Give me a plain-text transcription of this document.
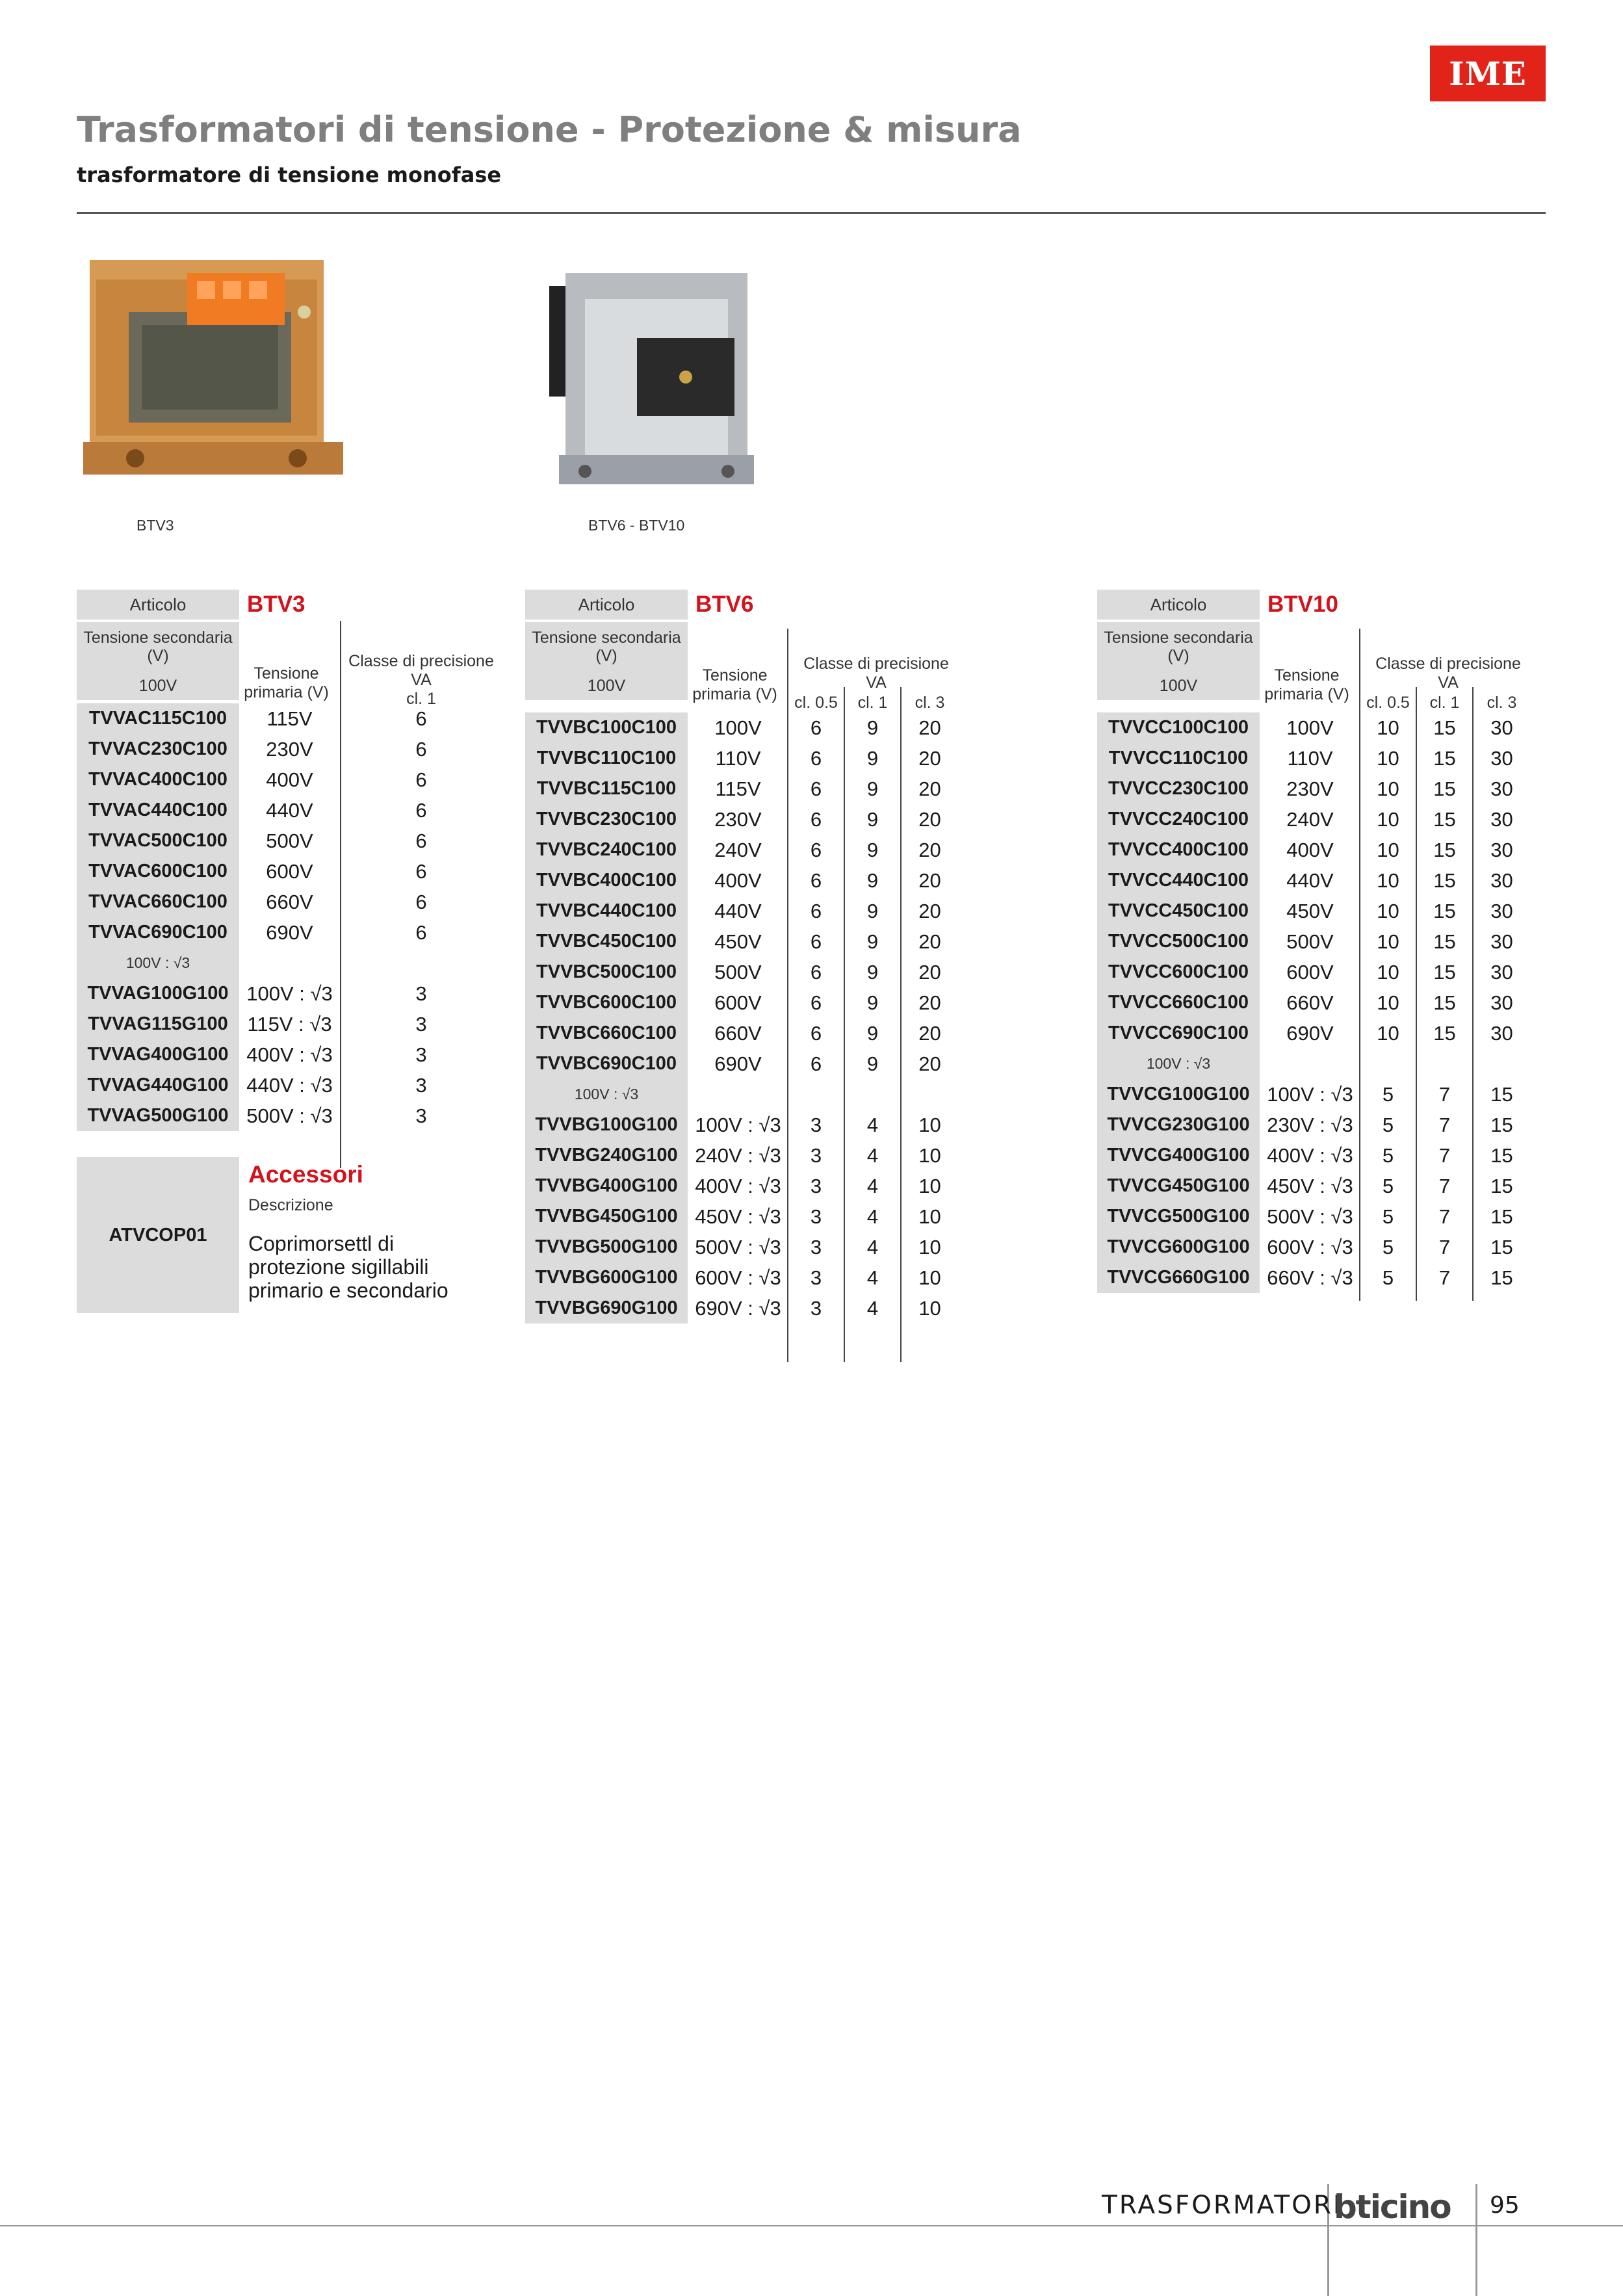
IME
Trasformatori di tensione - Protezione & misura
trasformatore di tensione monofase
BTV3	BTV6 - BTV10
Articolo	BTV3
Tensione secondaria (V)
100V
Tensione primaria (V)
Classe di precisione
VA
cl. 1
TVVAC115C100	115V	6
TVVAC230C100	230V	6
TVVAC400C100	400V	6
TVVAC440C100	440V	6
TVVAC500C100	500V	6
TVVAC600C100	600V	6
TVVAC660C100	660V	6
TVVAC690C100	690V	6
100V : √3
TVVAG100G100 100V : √3	3
TVVAG115G100 115V : √3	3
TVVAG400G100 400V : √3	3
TVVAG440G100 440V : √3	3
TVVAG500G100 500V : √3	3
ATVCOP01
Accessori
Descrizione
Coprimorsettl di protezione sigillabili primario e secondario
Articolo	BTV6
Tensione secondaria (V)
100V
Tensione primaria (V)
Classe di precisione
VA
cl. 0.5	cl. 1	cl. 3
TVVBC100C100	100V	6	9	20
TVVBC110C100	110V	6	9	20
TVVBC115C100	115V	6	9	20
TVVBC230C100	230V	6	9	20
TVVBC240C100	240V	6	9	20
TVVBC400C100	400V	6	9	20
TVVBC440C100	440V	6	9	20
TVVBC450C100	450V	6	9	20
TVVBC500C100	500V	6	9	20
TVVBC600C100	600V	6	9	20
TVVBC660C100	660V	6	9	20
TVVBC690C100	690V	6	9	20
100V : √3
TVVBG100G100 100V : √3	3	4	10
TVVBG240G100 240V : √3	3	4	10
TVVBG400G100 400V : √3	3	4	10
TVVBG450G100 450V : √3	3	4	10
TVVBG500G100 500V : √3	3	4	10
TVVBG600G100 600V : √3	3	4	10
TVVBG690G100 690V : √3	3	4	10
Articolo	BTV10
Tensione secondaria (V)
100V
Tensione primaria (V)
Classe di precisione
VA
cl. 0.5	cl. 1	cl. 3
TVVCC100C100	100V	10	15	30
TVVCC110C100	110V	10	15	30
TVVCC230C100	230V	10	15	30
TVVCC240C100	240V	10	15	30
TVVCC400C100	400V	10	15	30
TVVCC440C100	440V	10	15	30
TVVCC450C100	450V	10	15	30
TVVCC500C100	500V	10	15	30
TVVCC600C100	600V	10	15	30
TVVCC660C100	660V	10	15	30
TVVCC690C100	690V	10	15	30
100V : √3
TVVCG100G100 100V : √3	5	7	15
TVVCG230G100 230V : √3	5	7	15
TVVCG400G100 400V : √3	5	7	15
TVVCG450G100 450V : √3	5	7	15
TVVCG500G100 500V : √3	5	7	15
TVVCG600G100 600V : √3	5	7	15
TVVCG660G100 660V : √3	5	7	15
TRASFORMATORI
bticino 95
